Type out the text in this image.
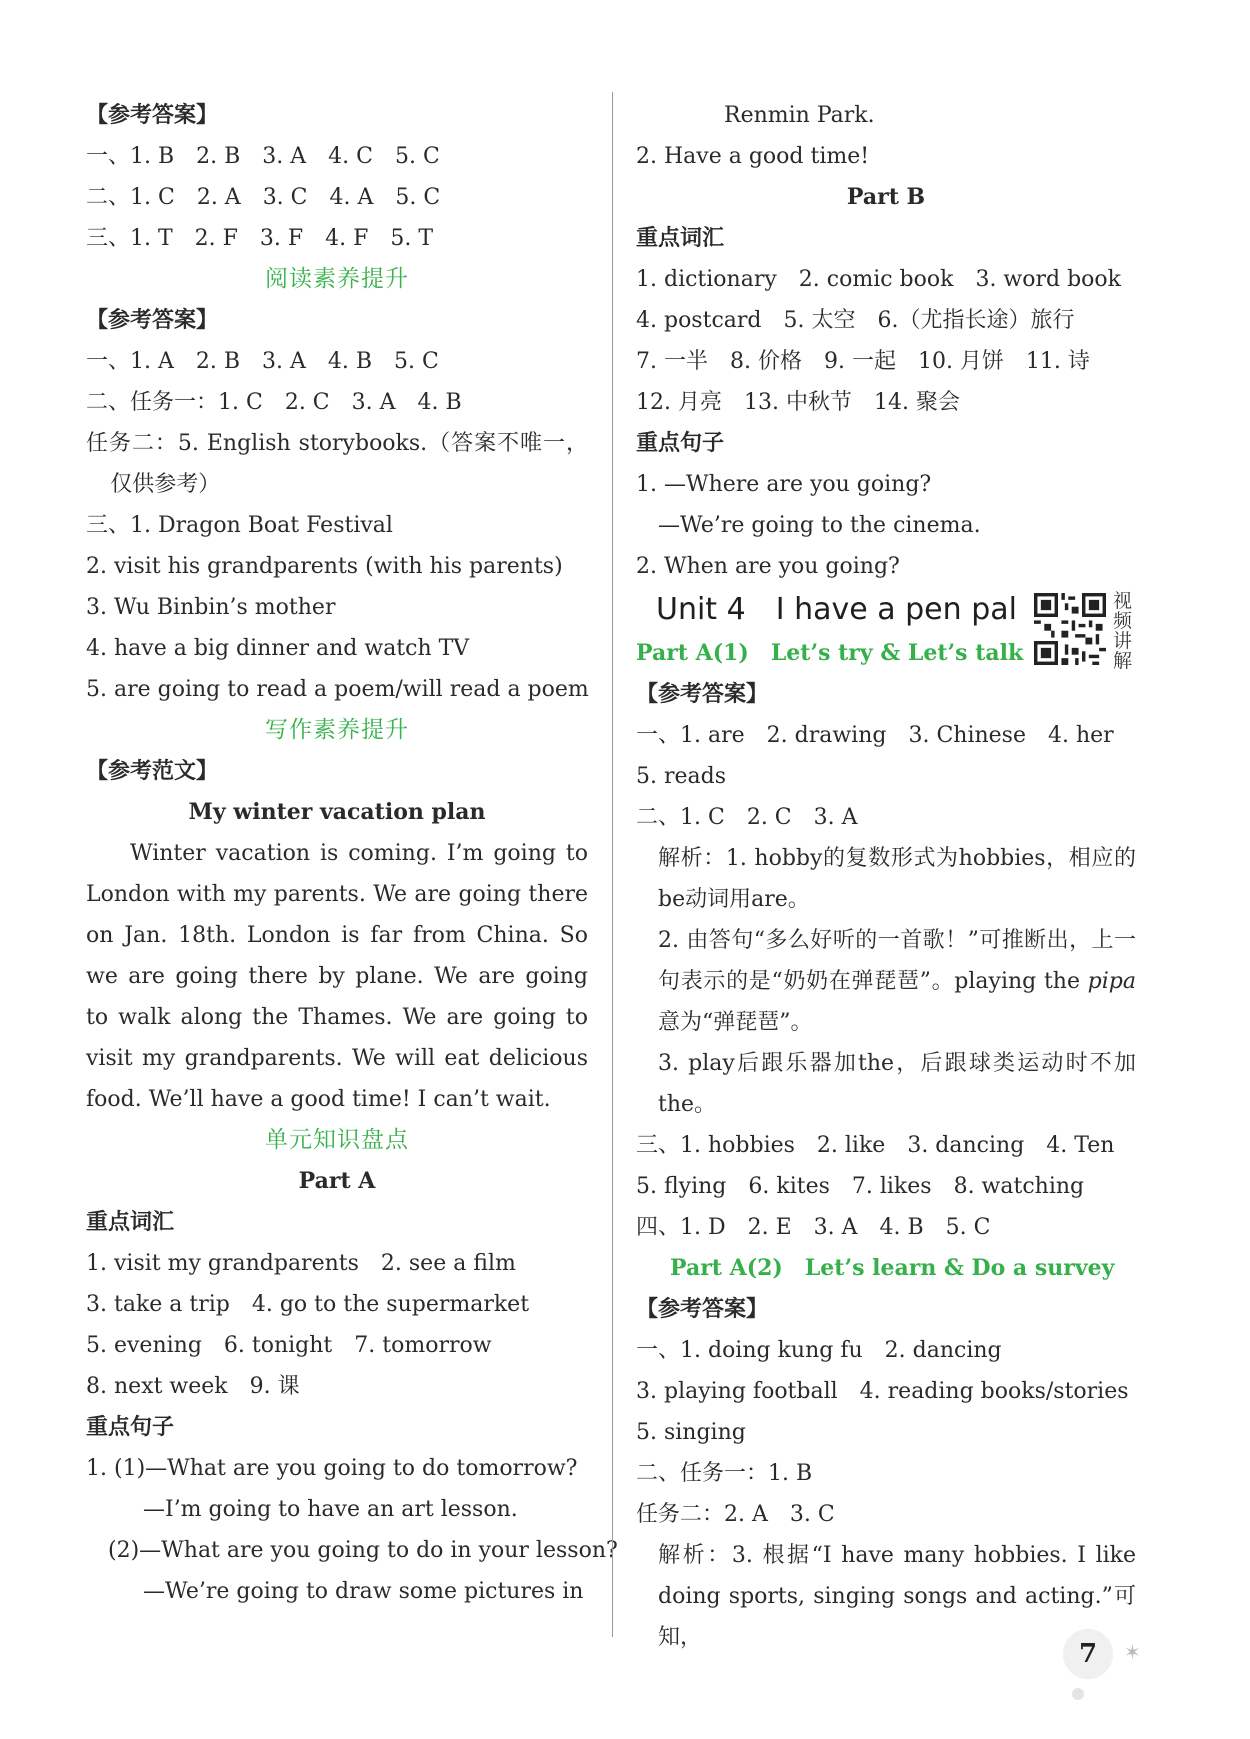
【参考答案】
一、1. B　2. B　3. A　4. C　5. C
二、1. C　2. A　3. C　4. A　5. C
三、1. T　2. F　3. F　4. F　5. T
阅读素养提升
【参考答案】
一、1. A　2. B　3. A　4. B　5. C
二、任务一：1. C　2. C　3. A　4. B
任务二：5. English storybooks.（答案不唯一，仅供参考）
三、1. Dragon Boat Festival
2. visit his grandparents (with his parents)
3. Wu Binbin’s mother
4. have a big dinner and watch TV
5. are going to read a poem/will read a poem
写作素养提升
【参考范文】
My winter vacation plan
Winter vacation is coming. I’m going to London with my parents. We are going there on Jan. 18th. London is far from China. So we are going there by plane. We are going to walk along the Thames. We are going to visit my grandparents. We will eat delicious food. We’ll have a good time! I can’t wait.
单元知识盘点
Part A
重点词汇
1. visit my grandparents　2. see a film
3. take a trip　4. go to the supermarket
5. evening　6. tonight　7. tomorrow
8. next week　9. 课
重点句子
1. (1)—What are you going to do tomorrow?
—I’m going to have an art lesson.
(2)—What are you going to do in your lesson?
—We’re going to draw some pictures in
Renmin Park.
2. Have a good time!
Part B
重点词汇
1. dictionary　2. comic book　3. word book
4. postcard　5. 太空　6.（尤指长途）旅行
7. 一半　8. 价格　9. 一起　10. 月饼　11. 诗
12. 月亮　13. 中秋节　14. 聚会
重点句子
1. —Where are you going?
—We’re going to the cinema.
2. When are you going?
Unit 4　I have a pen pal
Part A(1)　Let’s try & Let’s talk
【参考答案】
一、1. are　2. drawing　3. Chinese　4. her
5. reads
二、1. C　2. C　3. A
解析：1. hobby的复数形式为hobbies，相应的be动词用are。
2. 由答句“多么好听的一首歌！”可推断出，上一句表示的是“奶奶在弹琵琶”。playing the pipa意为“弹琵琶”。
3. play后跟乐器加the，后跟球类运动时不加the。
三、1. hobbies　2. like　3. dancing　4. Ten
5. flying　6. kites　7. likes　8. watching
四、1. D　2. E　3. A　4. B　5. C
Part A(2)　Let’s learn & Do a survey
【参考答案】
一、1. doing kung fu　2. dancing
3. playing football　4. reading books/stories
5. singing
二、任务一：1. B
任务二：2. A　3. C
解析：3. 根据“I have many hobbies. I like doing sports, singing songs and acting.”可知，
视频讲解
7	✶
